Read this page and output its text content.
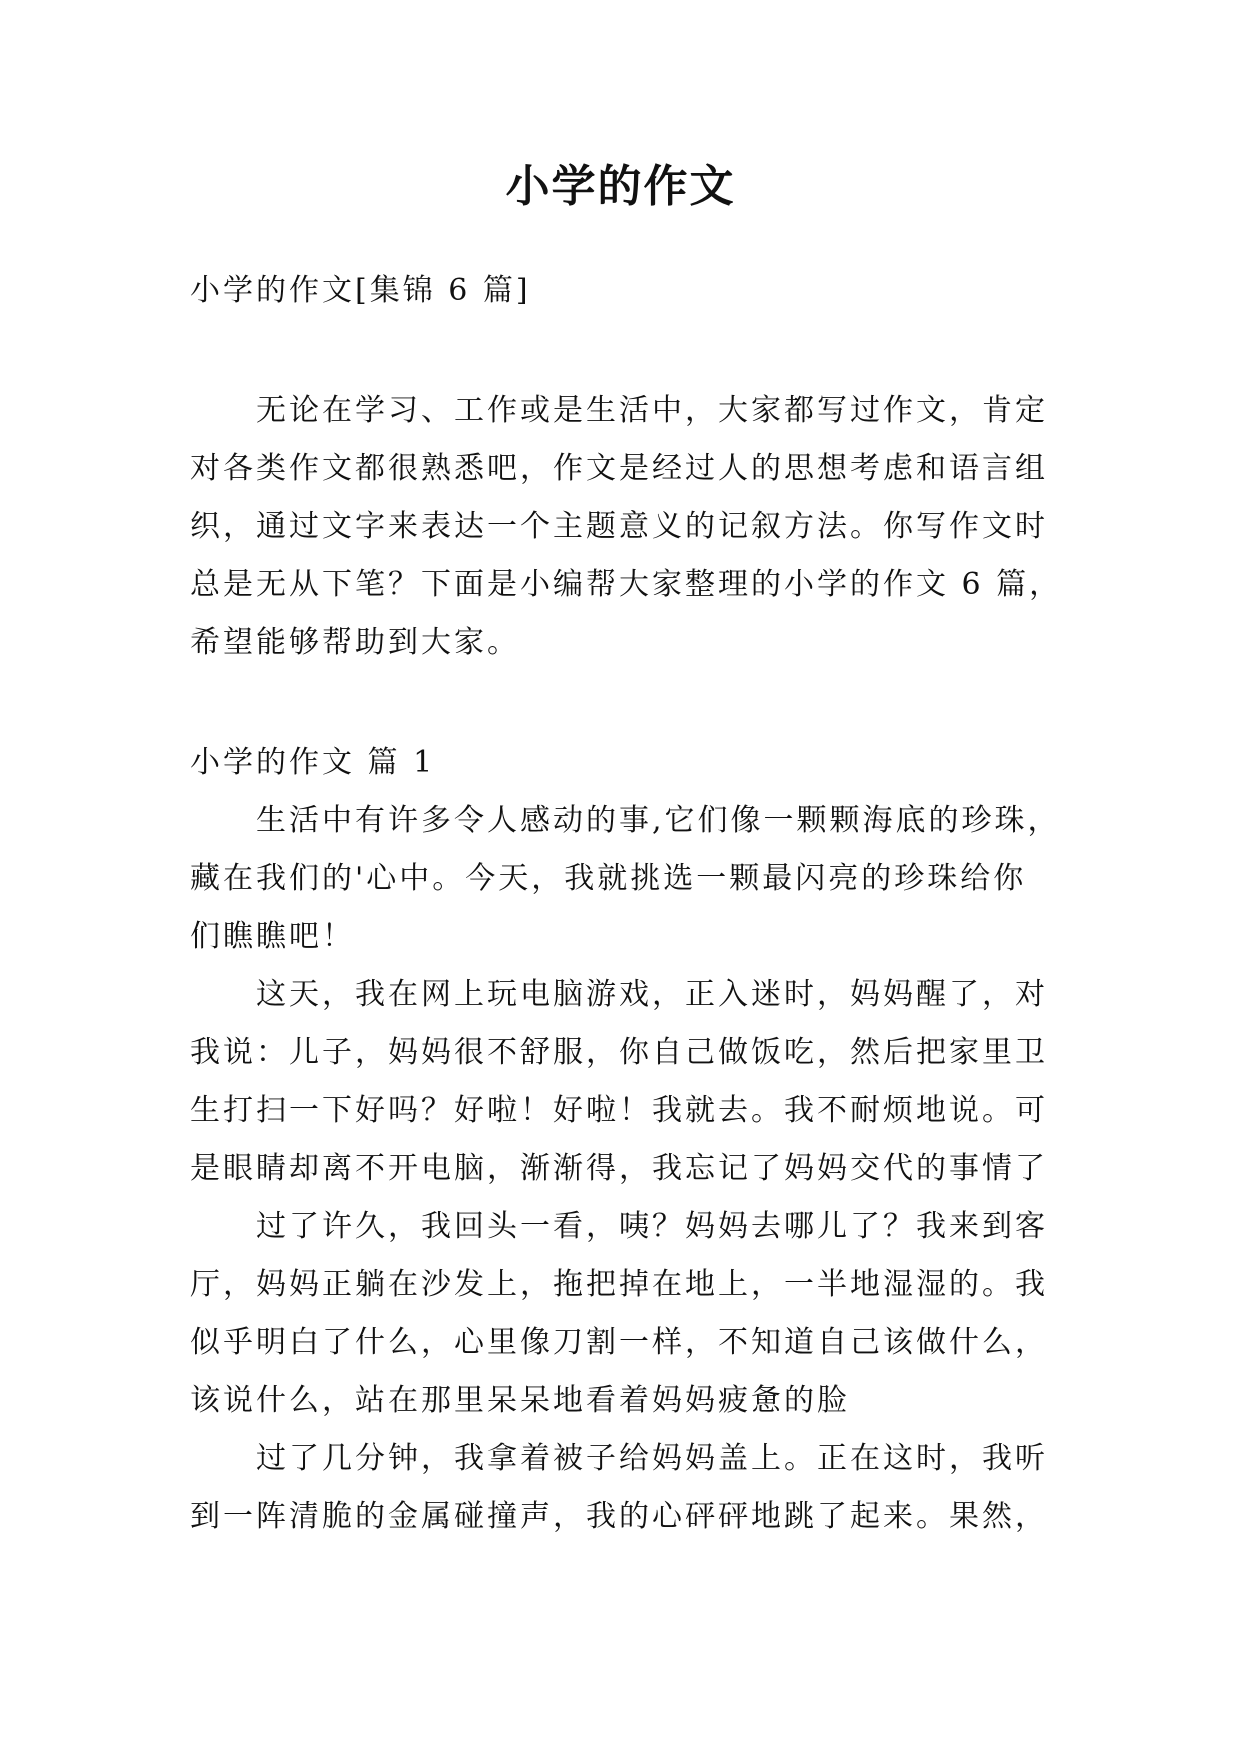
小学的作文
小学的作文[集锦 6 篇]
无论在学习、工作或是生活中，大家都写过作文，肯定
对各类作文都很熟悉吧，作文是经过人的思想考虑和语言组
织，通过文字来表达一个主题意义的记叙方法。你写作文时
总是无从下笔？下面是小编帮大家整理的小学的作文 6 篇，
希望能够帮助到大家。
小学的作文 篇 1
生活中有许多令人感动的事,它们像一颗颗海底的珍珠，
藏在我们的'心中。今天，我就挑选一颗最闪亮的珍珠给你
们瞧瞧吧！
这天，我在网上玩电脑游戏，正入迷时，妈妈醒了，对
我说：儿子，妈妈很不舒服，你自己做饭吃，然后把家里卫
生打扫一下好吗？好啦！好啦！我就去。我不耐烦地说。可
是眼睛却离不开电脑，渐渐得，我忘记了妈妈交代的事情了
过了许久，我回头一看，咦？妈妈去哪儿了？我来到客
厅，妈妈正躺在沙发上，拖把掉在地上，一半地湿湿的。我
似乎明白了什么，心里像刀割一样，不知道自己该做什么，
该说什么，站在那里呆呆地看着妈妈疲惫的脸
过了几分钟，我拿着被子给妈妈盖上。正在这时，我听
到一阵清脆的金属碰撞声，我的心砰砰地跳了起来。果然，
